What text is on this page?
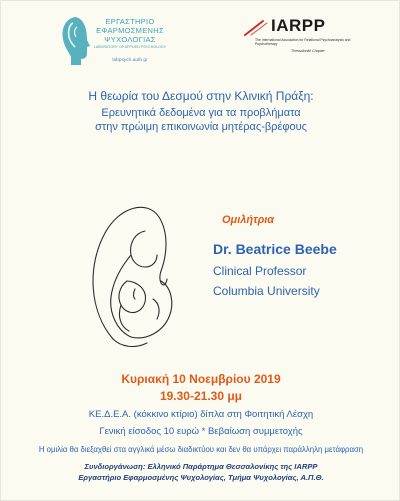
ΕΡΓΑΣΤΗΡΙΟ
ΕΦΑΡΜΟΣΜΕΝΗΣ
ΨΥΧΟΛΟΓΙΑΣ
LABORATORY OF APPLIED PSYCHOLOGY
labpsych.auth.gr
IARPP
The International Association for Relational Psychoanalysis and Psychotherapy
Thessaloniki Chapter
Η θεωρία του Δεσμού στην Κλινική Πράξη:
Ερευνητικά δεδομένα για τα προβλήματα
στην πρώιμη επικοινωνία μητέρας-βρέφους
Ομιλήτρια
Dr. Beatrice Beebe
Clinical Professor
Columbia University
Κυριακή 10 Νοεμβρίου 2019
19.30-21.30 μμ
ΚΕ.Δ.Ε.Α. (κόκκινο κτίριο) δίπλα στη Φοιτητική Λέσχη
Γενική είσοδος 10 ευρώ * Βεβαίωση συμμετοχής
Η ομιλία θα διεξαχθεί στα αγγλικά μέσω διαδικτύου και δεν θα υπάρχει παράλληλη μετάφραση
Συνδιοργάνωση: Ελληνικό Παράρτημα Θεσσαλονίκης της IARPP
Εργαστήριο Εφαρμοσμένης Ψυχολογίας, Τμήμα Ψυχολογίας, Α.Π.Θ.
